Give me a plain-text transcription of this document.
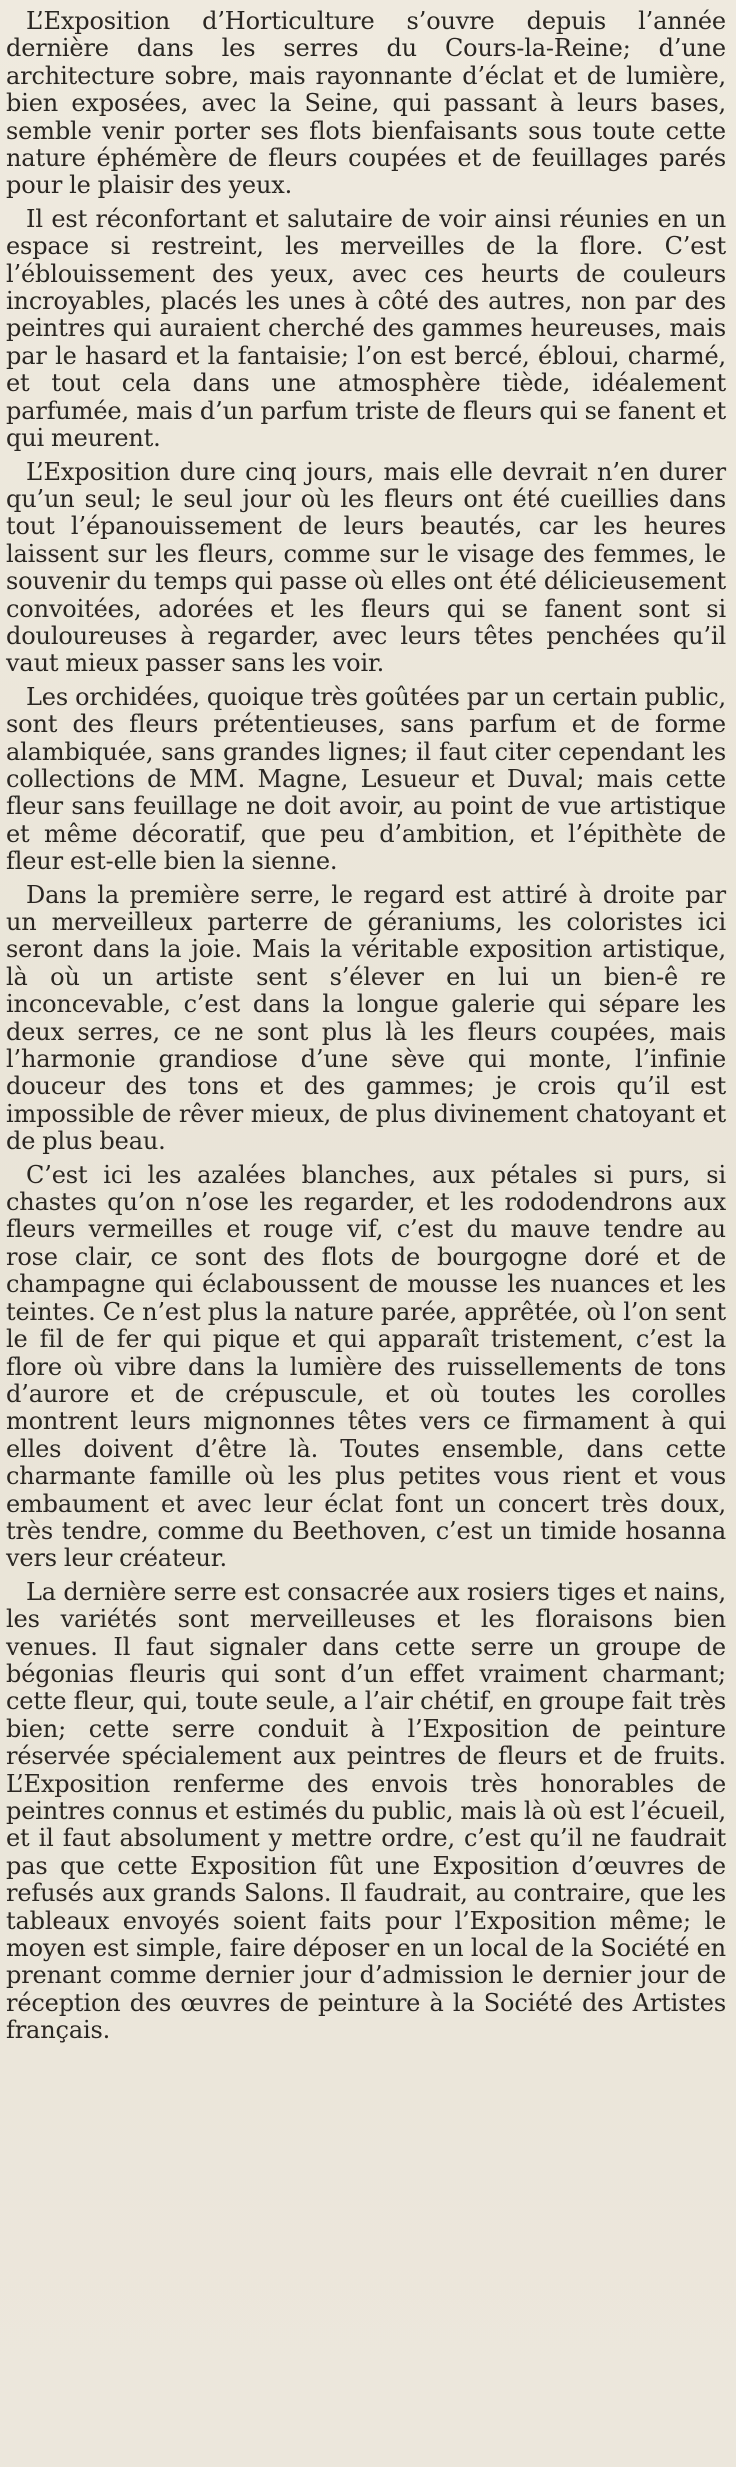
L’Exposition d’Horticulture s’ouvre depuis l’année dernière dans les serres du Cours-la-Reine; d’une architecture sobre, mais rayonnante d’éclat et de lumière, bien exposées, avec la Seine, qui passant à leurs bases, semble venir porter ses flots bienfaisants sous toute cette nature éphémère de fleurs coupées et de feuillages parés pour le plaisir des yeux.

Il est réconfortant et salutaire de voir ainsi réunies en un espace si restreint, les merveilles de la flore. C’est l’éblouissement des yeux, avec ces heurts de couleurs incroyables, placés les unes à côté des autres, non par des peintres qui auraient cherché des gammes heureuses, mais par le hasard et la fantaisie; l’on est bercé, ébloui, charmé, et tout cela dans une atmosphère tiède, idéalement parfumée, mais d’un parfum triste de fleurs qui se fanent et qui meurent.

L’Exposition dure cinq jours, mais elle devrait n’en durer qu’un seul; le seul jour où les fleurs ont été cueillies dans tout l’épanouissement de leurs beautés, car les heures laissent sur les fleurs, comme sur le visage des femmes, le souvenir du temps qui passe où elles ont été délicieusement convoitées, adorées et les fleurs qui se fanent sont si douloureuses à regarder, avec leurs têtes penchées qu’il vaut mieux passer sans les voir.

Les orchidées, quoique très goûtées par un certain public, sont des fleurs prétentieuses, sans parfum et de forme alambiquée, sans grandes lignes; il faut citer cependant les collections de MM. Magne, Lesueur et Duval; mais cette fleur sans feuillage ne doit avoir, au point de vue artistique et même décoratif, que peu d’ambition, et l’épithète de fleur est-elle bien la sienne.

Dans la première serre, le regard est attiré à droite par un merveilleux parterre de géraniums, les coloristes ici seront dans la joie. Mais la véritable exposition artistique, là où un artiste sent s’élever en lui un bien-ê re inconcevable, c’est dans la longue galerie qui sépare les deux serres, ce ne sont plus là les fleurs coupées, mais l’harmonie grandiose d’une sève qui monte, l’infinie douceur des tons et des gammes; je crois qu’il est impossible de rêver mieux, de plus divinement chatoyant et de plus beau.

C’est ici les azalées blanches, aux pétales si purs, si chastes qu’on n’ose les regarder, et les rododendrons aux fleurs vermeilles et rouge vif, c’est du mauve tendre au rose clair, ce sont des flots de bourgogne doré et de champagne qui éclaboussent de mousse les nuances et les teintes. Ce n’est plus la nature parée, apprêtée, où l’on sent le fil de fer qui pique et qui apparaît tristement, c’est la flore où vibre dans la lumière des ruissellements de tons d’aurore et de crépuscule, et où toutes les corolles montrent leurs mignonnes têtes vers ce firmament à qui elles doivent d’être là. Toutes ensemble, dans cette charmante famille où les plus petites vous rient et vous embaument et avec leur éclat font un concert très doux, très tendre, comme du Beethoven, c’est un timide hosanna vers leur créateur.

La dernière serre est consacrée aux rosiers tiges et nains, les variétés sont merveilleuses et les floraisons bien venues. Il faut signaler dans cette serre un groupe de bégonias fleuris qui sont d’un effet vraiment charmant; cette fleur, qui, toute seule, a l’air chétif, en groupe fait très bien; cette serre conduit à l’Exposition de peinture réservée spécialement aux peintres de fleurs et de fruits. L’Exposition renferme des envois très honorables de peintres connus et estimés du public, mais là où est l’écueil, et il faut absolument y mettre ordre, c’est qu’il ne faudrait pas que cette Exposition fût une Exposition d’œuvres de refusés aux grands Salons. Il faudrait, au contraire, que les tableaux envoyés soient faits pour l’Exposition même; le moyen est simple, faire déposer en un local de la Société en prenant comme dernier jour d’admission le dernier jour de réception des œuvres de peinture à la Société des Artistes français.
